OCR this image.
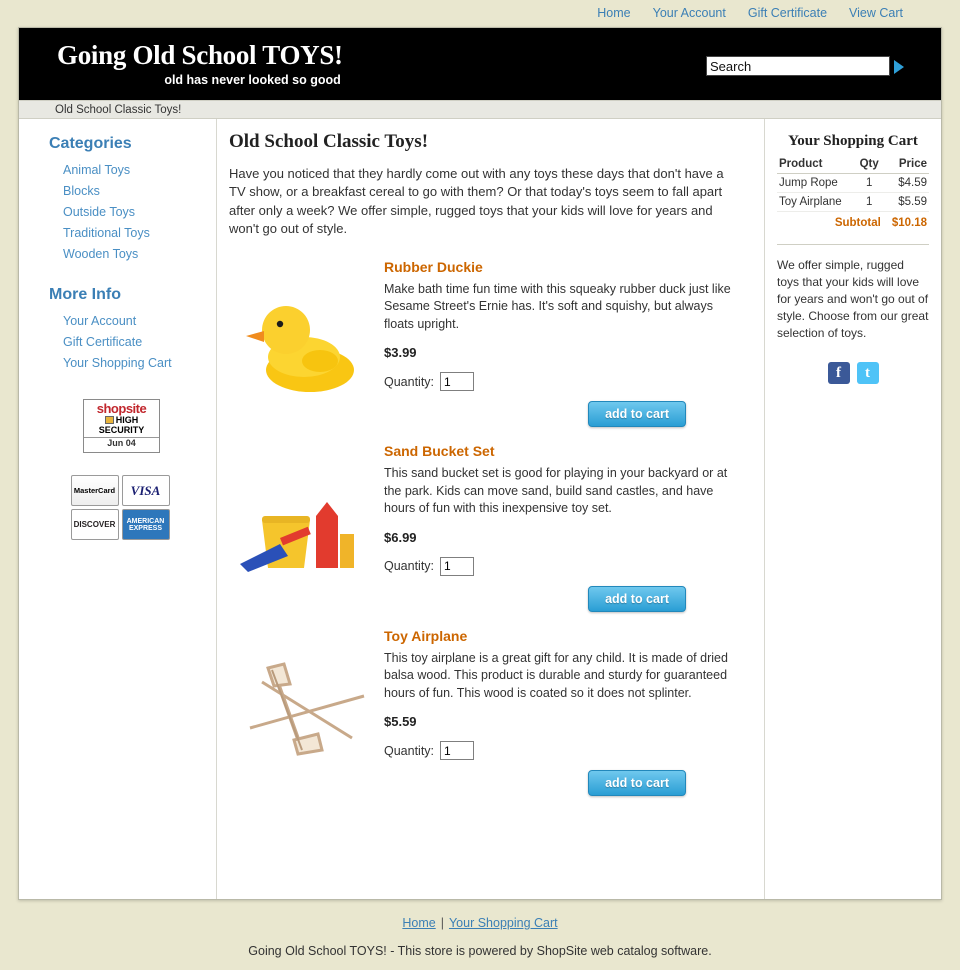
Home Your Account Gift Certificate View Cart
Going Old School TOYS!
old has never looked so good
Search
Old School Classic Toys!
Categories
Animal Toys
Blocks
Outside Toys
Traditional Toys
Wooden Toys
More Info
Your Account
Gift Certificate
Your Shopping Cart
shopsite
HIGH
SECURITY
Jun 04
MasterCard	VISA
DISCOVER	AMERICAN EXPRESS
Old School Classic Toys!
Have you noticed that they hardly come out with any toys these days that don't have a TV show, or a breakfast cereal to go with them? Or that today's toys seem to fall apart after only a week? We offer simple, rugged toys that your kids will love for years and won't go out of style.
Rubber Duckie
Make bath time fun time with this squeaky rubber duck just like Sesame Street's Ernie has. It's soft and squishy, but always floats upright.
$3.99
Quantity:
1
add to cart
Sand Bucket Set
This sand bucket set is good for playing in your backyard or at the park. Kids can move sand, build sand castles, and have hours of fun with this inexpensive toy set.
$6.99
Quantity:
1
add to cart
Toy Airplane
This toy airplane is a great gift for any child. It is made of dried balsa wood. This product is durable and sturdy for guaranteed hours of fun. This wood is coated so it does not splinter.
$5.59
Quantity:
1
add to cart
Your Shopping Cart
Product	Qty	Price
Jump Rope	1	$4.59
Toy Airplane	1	$5.59
Subtotal		$10.18
We offer simple, rugged toys that your kids will love for years and won't go out of style. Choose from our great selection of toys.
f	t
Home | Your Shopping Cart
Going Old School TOYS! - This store is powered by ShopSite web catalog software.
